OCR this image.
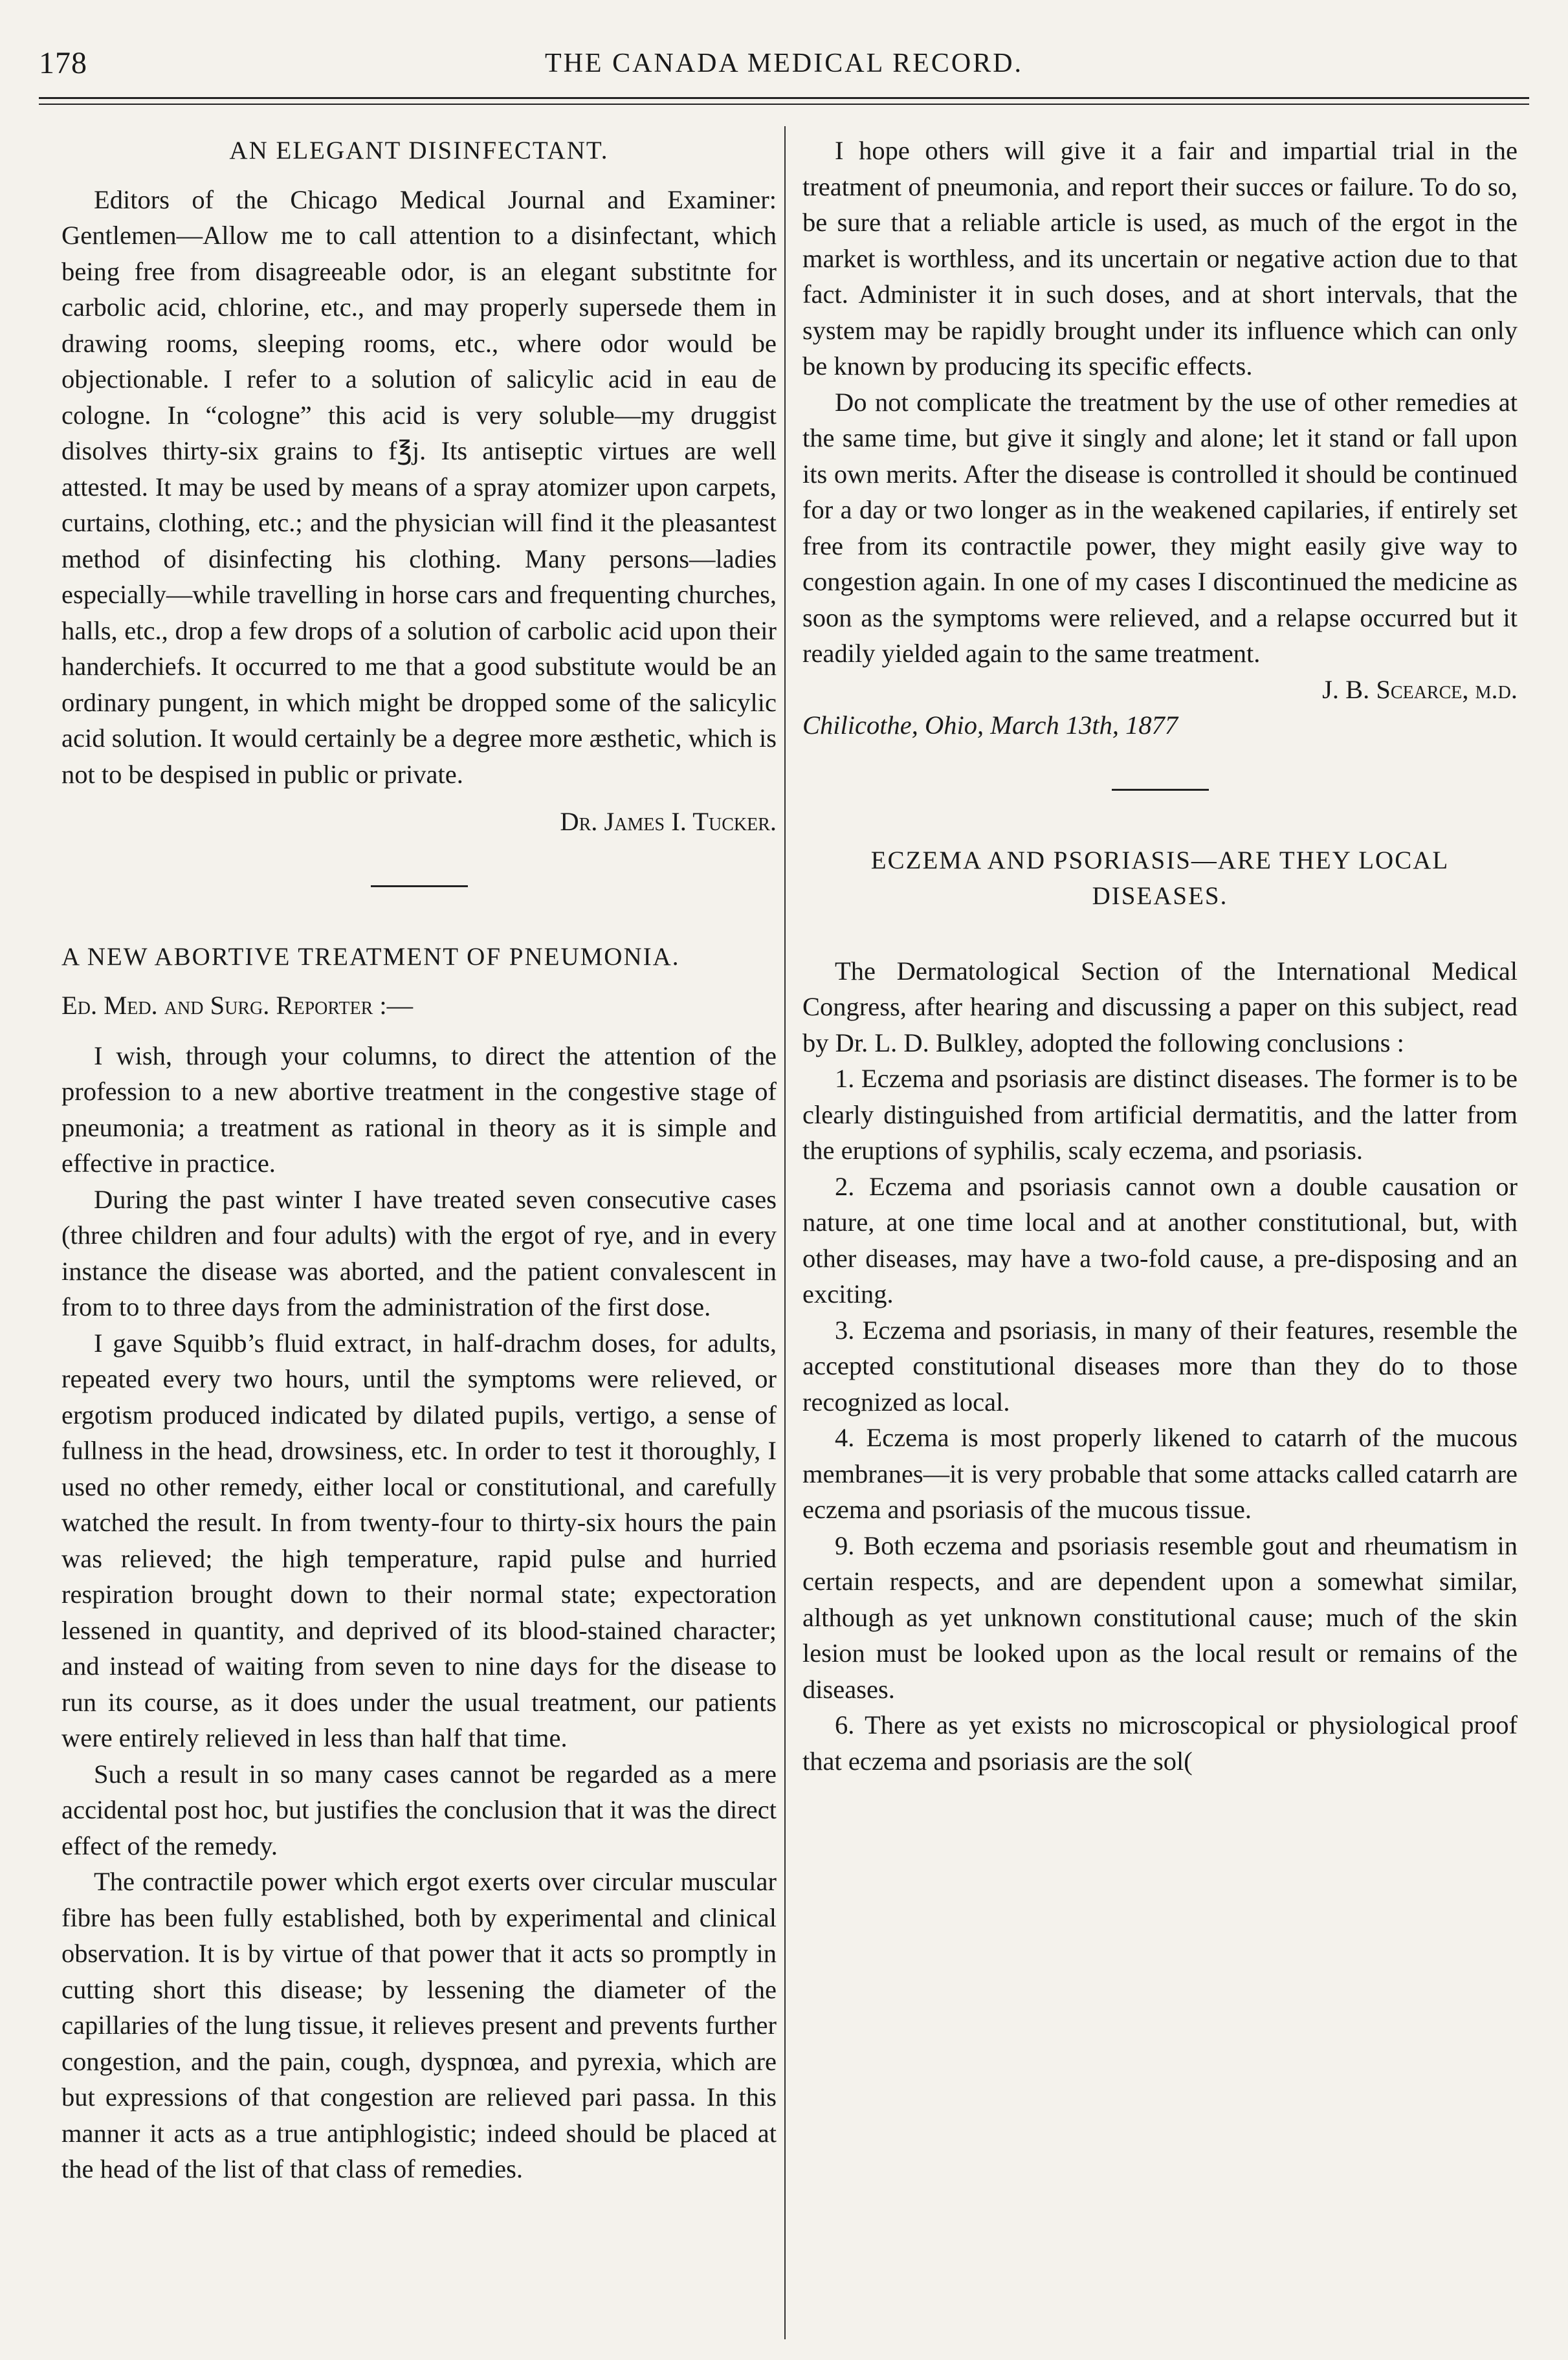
178	THE CANADA MEDICAL RECORD.

AN ELEGANT DISINFECTANT.

Editors of the Chicago Medical Journal and Examiner: Gentlemen—Allow me to call attention to a disinfectant, which being free from disagreeable odor, is an elegant substitnte for carbolic acid, chlorine, etc., and may properly supersede them in drawing rooms, sleeping rooms, etc., where odor would be objectionable. I refer to a solution of salicylic acid in eau de cologne. In “cologne” this acid is very soluble—my druggist disolves thirty-six grains to f℥j. Its antiseptic virtues are well attested. It may be used by means of a spray atomizer upon carpets, curtains, clothing, etc.; and the physician will find it the pleasantest method of disinfecting his clothing. Many persons—ladies especially—while travelling in horse cars and frequenting churches, halls, etc., drop a few drops of a solution of carbolic acid upon their handerchiefs. It occurred to me that a good substitute would be an ordinary pungent, in which might be dropped some of the salicylic acid solution. It would certainly be a degree more æsthetic, which is not to be despised in public or private.

Dr. James I. Tucker.

A NEW ABORTIVE TREATMENT OF PNEUMONIA.

Ed. Med. and Surg. Reporter :—

I wish, through your columns, to direct the attention of the profession to a new abortive treatment in the congestive stage of pneumonia; a treatment as rational in theory as it is simple and effective in practice.

During the past winter I have treated seven consecutive cases (three children and four adults) with the ergot of rye, and in every instance the disease was aborted, and the patient convalescent in from to to three days from the administration of the first dose.

I gave Squibb’s fluid extract, in half-drachm doses, for adults, repeated every two hours, until the symptoms were relieved, or ergotism produced indicated by dilated pupils, vertigo, a sense of fullness in the head, drowsiness, etc. In order to test it thoroughly, I used no other remedy, either local or constitutional, and carefully watched the result. In from twenty-four to thirty-six hours the pain was relieved; the high temperature, rapid pulse and hurried respiration brought down to their normal state; expectoration lessened in quantity, and deprived of its blood-stained character; and instead of waiting from seven to nine days for the disease to run its course, as it does under the usual treatment, our patients were entirely relieved in less than half that time.

Such a result in so many cases cannot be regarded as a mere accidental post hoc, but justifies the conclusion that it was the direct effect of the remedy.

The contractile power which ergot exerts over circular muscular fibre has been fully established, both by experimental and clinical observation. It is by virtue of that power that it acts so promptly in cutting short this disease; by lessening the diameter of the capillaries of the lung tissue, it relieves present and prevents further congestion, and the pain, cough, dyspnœa, and pyrexia, which are but expressions of that congestion are relieved pari passa. In this manner it acts as a true antiphlogistic; indeed should be placed at the head of the list of that class of remedies.

I hope others will give it a fair and impartial trial in the treatment of pneumonia, and report their succes or failure. To do so, be sure that a reliable article is used, as much of the ergot in the market is worthless, and its uncertain or negative action due to that fact. Administer it in such doses, and at short intervals, that the system may be rapidly brought under its influence which can only be known by producing its specific effects.

Do not complicate the treatment by the use of other remedies at the same time, but give it singly and alone; let it stand or fall upon its own merits. After the disease is controlled it should be continued for a day or two longer as in the weakened capilaries, if entirely set free from its contractile power, they might easily give way to congestion again. In one of my cases I discontinued the medicine as soon as the symptoms were relieved, and a relapse occurred but it readily yielded again to the same treatment.

J. B. Scearce, m.d.

Chilicothe, Ohio, March 13th, 1877

ECZEMA AND PSORIASIS—ARE THEY LOCAL DISEASES.

The Dermatological Section of the International Medical Congress, after hearing and discussing a paper on this subject, read by Dr. L. D. Bulkley, adopted the following conclusions :

1. Eczema and psoriasis are distinct diseases. The former is to be clearly distinguished from artificial dermatitis, and the latter from the eruptions of syphilis, scaly eczema, and psoriasis.

2. Eczema and psoriasis cannot own a double causation or nature, at one time local and at another constitutional, but, with other diseases, may have a two-fold cause, a pre-disposing and an exciting.

3. Eczema and psoriasis, in many of their features, resemble the accepted constitutional diseases more than they do to those recognized as local.

4. Eczema is most properly likened to catarrh of the mucous membranes—it is very probable that some attacks called catarrh are eczema and psoriasis of the mucous tissue.

9. Both eczema and psoriasis resemble gout and rheumatism in certain respects, and are dependent upon a somewhat similar, although as yet unknown constitutional cause; much of the skin lesion must be looked upon as the local result or remains of the diseases.

6. There as yet exists no microscopical or physiological proof that eczema and psoriasis are the sol(
